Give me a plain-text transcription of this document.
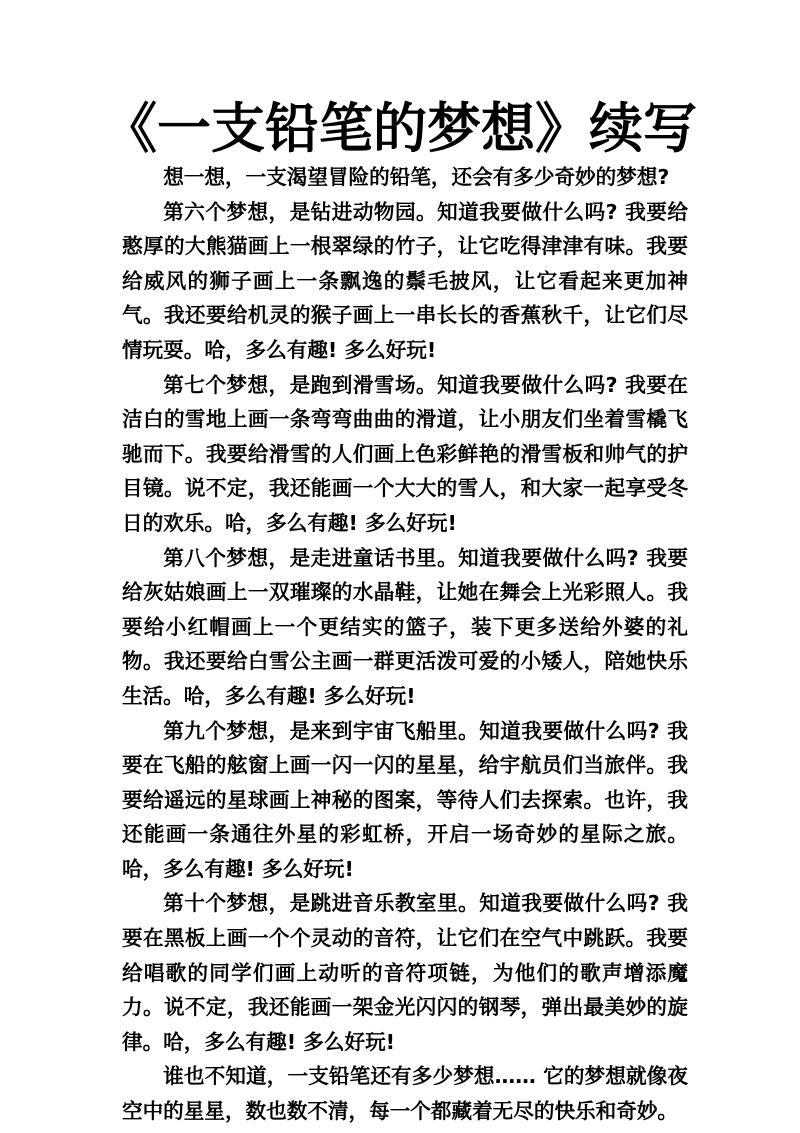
《一支铅笔的梦想》续写

想一想，一支渴望冒险的铅笔，还会有多少奇妙的梦想?

第六个梦想，是钻进动物园。知道我要做什么吗? 我要给憨厚的大熊猫画上一根翠绿的竹子，让它吃得津津有味。我要给威风的狮子画上一条飘逸的鬃毛披风，让它看起来更加神气。我还要给机灵的猴子画上一串长长的香蕉秋千，让它们尽情玩耍。哈，多么有趣! 多么好玩!

第七个梦想，是跑到滑雪场。知道我要做什么吗? 我要在洁白的雪地上画一条弯弯曲曲的滑道，让小朋友们坐着雪橇飞驰而下。我要给滑雪的人们画上色彩鲜艳的滑雪板和帅气的护目镜。说不定，我还能画一个大大的雪人，和大家一起享受冬日的欢乐。哈，多么有趣! 多么好玩!

第八个梦想，是走进童话书里。知道我要做什么吗? 我要给灰姑娘画上一双璀璨的水晶鞋，让她在舞会上光彩照人。我要给小红帽画上一个更结实的篮子，装下更多送给外婆的礼物。我还要给白雪公主画一群更活泼可爱的小矮人，陪她快乐生活。哈，多么有趣! 多么好玩!

第九个梦想，是来到宇宙飞船里。知道我要做什么吗? 我要在飞船的舷窗上画一闪一闪的星星，给宇航员们当旅伴。我要给遥远的星球画上神秘的图案，等待人们去探索。也许，我还能画一条通往外星的彩虹桥，开启一场奇妙的星际之旅。哈，多么有趣! 多么好玩!

第十个梦想，是跳进音乐教室里。知道我要做什么吗? 我要在黑板上画一个个灵动的音符，让它们在空气中跳跃。我要给唱歌的同学们画上动听的音符项链，为他们的歌声增添魔力。说不定，我还能画一架金光闪闪的钢琴，弹出最美妙的旋律。哈，多么有趣! 多么好玩!

谁也不知道，一支铅笔还有多少梦想…… 它的梦想就像夜空中的星星，数也数不清，每一个都藏着无尽的快乐和奇妙。
